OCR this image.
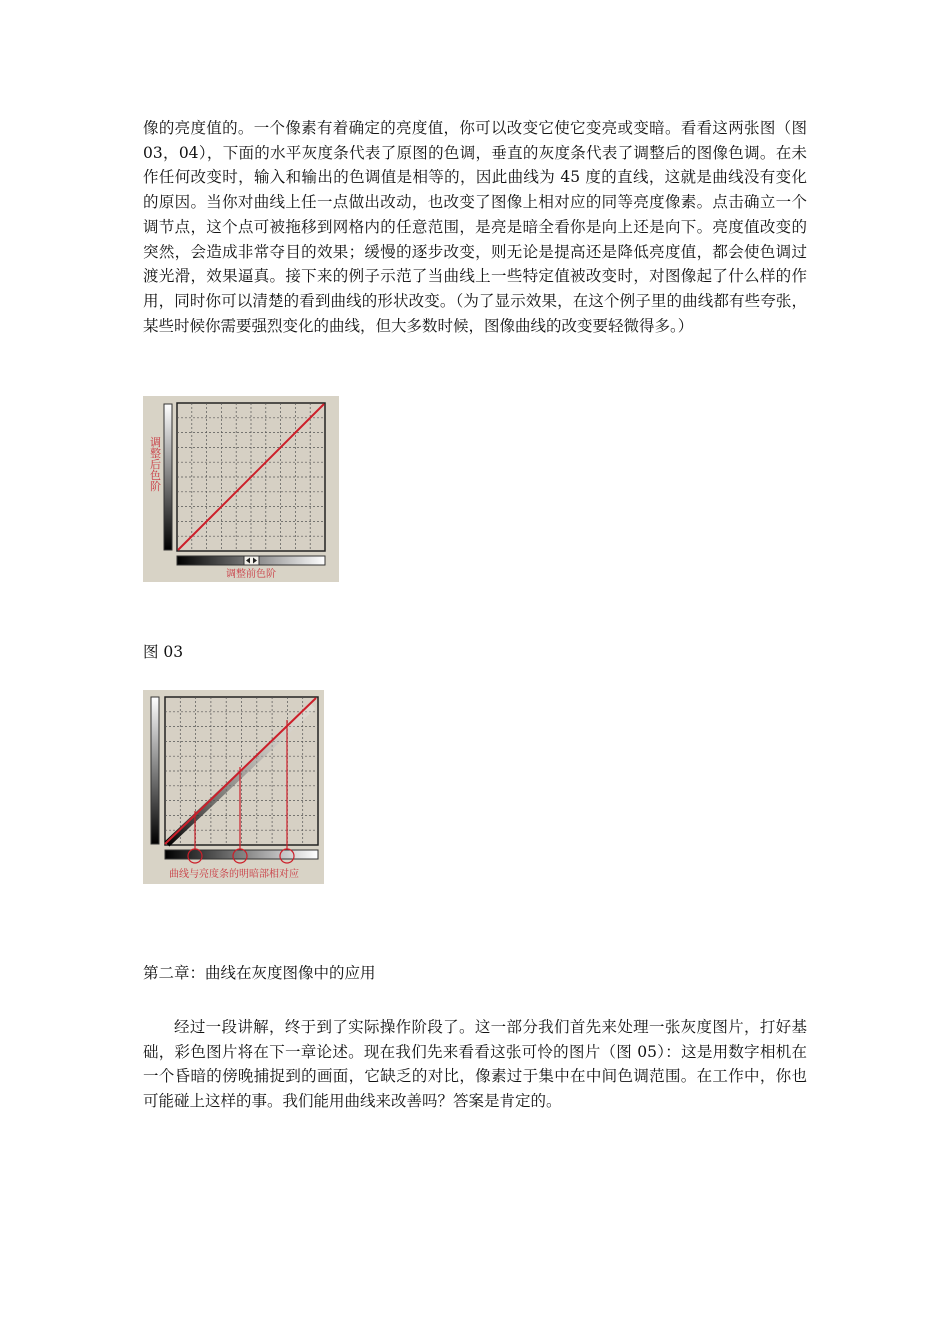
像的亮度值的。一个像素有着确定的亮度值，你可以改变它使它变亮或变暗。看看这两张图（图 03，04），下面的水平灰度条代表了原图的色调，垂直的灰度条代表了调整后的图像色调。在未作任何改变时，输入和输出的色调值是相等的，因此曲线为 45 度的直线，这就是曲线没有变化的原因。当你对曲线上任一点做出改动，也改变了图像上相对应的同等亮度像素。点击确立一个调节点，这个点可被拖移到网格内的任意范围，是亮是暗全看你是向上还是向下。亮度值改变的突然，会造成非常夺目的效果；缓慢的逐步改变，则无论是提高还是降低亮度值，都会使色调过渡光滑，效果逼真。接下来的例子示范了当曲线上一些特定值被改变时，对图像起了什么样的作用，同时你可以清楚的看到曲线的形状改变。（为了显示效果，在这个例子里的曲线都有些夸张，某些时候你需要强烈变化的曲线，但大多数时候，图像曲线的改变要轻微得多。）

调整后色阶
调整前色阶

图 03

曲线与亮度条的明暗部相对应

第二章：曲线在灰度图像中的应用

经过一段讲解，终于到了实际操作阶段了。这一部分我们首先来处理一张灰度图片，打好基础，彩色图片将在下一章论述。现在我们先来看看这张可怜的图片（图 05）：这是用数字相机在一个昏暗的傍晚捕捉到的画面，它缺乏的对比，像素过于集中在中间色调范围。在工作中，你也可能碰上这样的事。我们能用曲线来改善吗？答案是肯定的。
